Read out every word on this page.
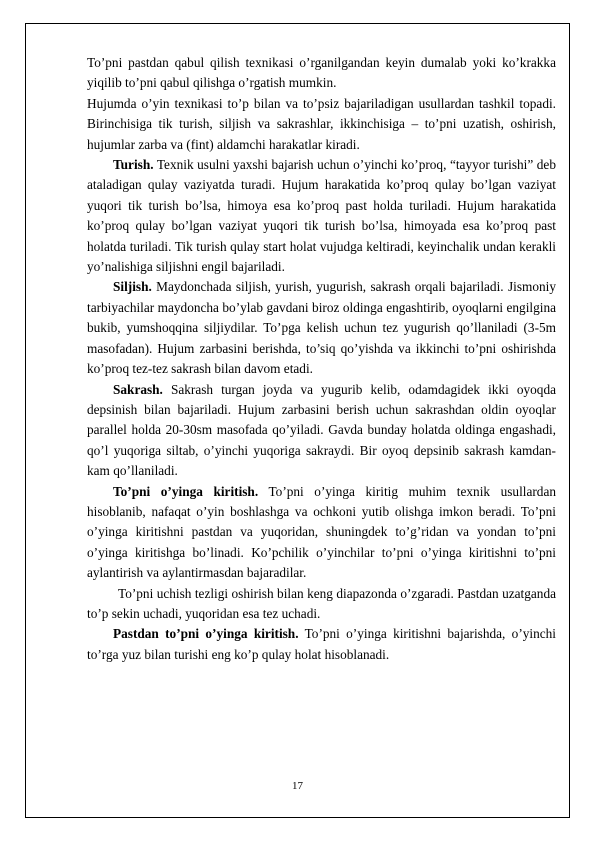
To’pni pastdan qabul qilish texnikasi o’rganilgandan keyin dumalab yoki ko’krakka yiqilib to’pni qabul qilishga o’rgatish mumkin.

Hujumda o’yin texnikasi to’p bilan va to’psiz bajariladigan usullardan tashkil topadi. Birinchisiga tik turish, siljish va sakrashlar, ikkinchisiga – to’pni uzatish, oshirish, hujumlar zarba va (fint) aldamchi harakatlar kiradi.

Turish. Texnik usulni yaxshi bajarish uchun o’yinchi ko’proq, “tayyor turishi” deb ataladigan qulay vaziyatda turadi. Hujum harakatida ko’proq qulay bo’lgan vaziyat yuqori tik turish bo’lsa, himoya esa ko’proq past holda turiladi. Hujum harakatida ko’proq qulay bo’lgan vaziyat yuqori tik turish bo’lsa, himoyada esa ko’proq past holatda turiladi. Tik turish qulay start holat vujudga keltiradi, keyinchalik undan kerakli yo’nalishiga siljishni engil bajariladi.

Siljish. Maydonchada siljish, yurish, yugurish, sakrash orqali bajariladi. Jismoniy tarbiyachilar maydoncha bo’ylab gavdani biroz oldinga engashtirib, oyoqlarni engilgina bukib, yumshoqqina siljiydilar. To’pga kelish uchun tez yugurish qo’llaniladi (3-5m masofadan). Hujum zarbasini berishda, to’siq qo’yishda va ikkinchi to’pni oshirishda ko’proq tez-tez sakrash bilan davom etadi.

Sakrash. Sakrash turgan joyda va yugurib kelib, odamdagidek ikki oyoqda depsinish bilan bajariladi. Hujum zarbasini berish uchun sakrashdan oldin oyoqlar parallel holda 20-30sm masofada qo’yiladi. Gavda bunday holatda oldinga engashadi, qo’l yuqoriga siltab, o’yinchi yuqoriga sakraydi. Bir oyoq depsinib sakrash kamdan-kam qo’llaniladi.

To’pni o’yinga kiritish. To’pni o’yinga kiritig muhim texnik usullardan hisoblanib, nafaqat o’yin boshlashga va ochkoni yutib olishga imkon beradi. To’pni o’yinga kiritishni pastdan va yuqoridan, shuningdek to’g’ridan va yondan to’pni o’yinga kiritishga bo’linadi. Ko’pchilik o’yinchilar to’pni o’yinga kiritishni to’pni aylantirish va aylantirmasdan bajaradilar.

To’pni uchish tezligi oshirish bilan keng diapazonda o’zgaradi. Pastdan uzatganda to’p sekin uchadi, yuqoridan esa tez uchadi.

Pastdan to’pni o’yinga kiritish. To’pni o’yinga kiritishni bajarishda, o’yinchi to’rga yuz bilan turishi eng ko’p qulay holat hisoblanadi.

17
